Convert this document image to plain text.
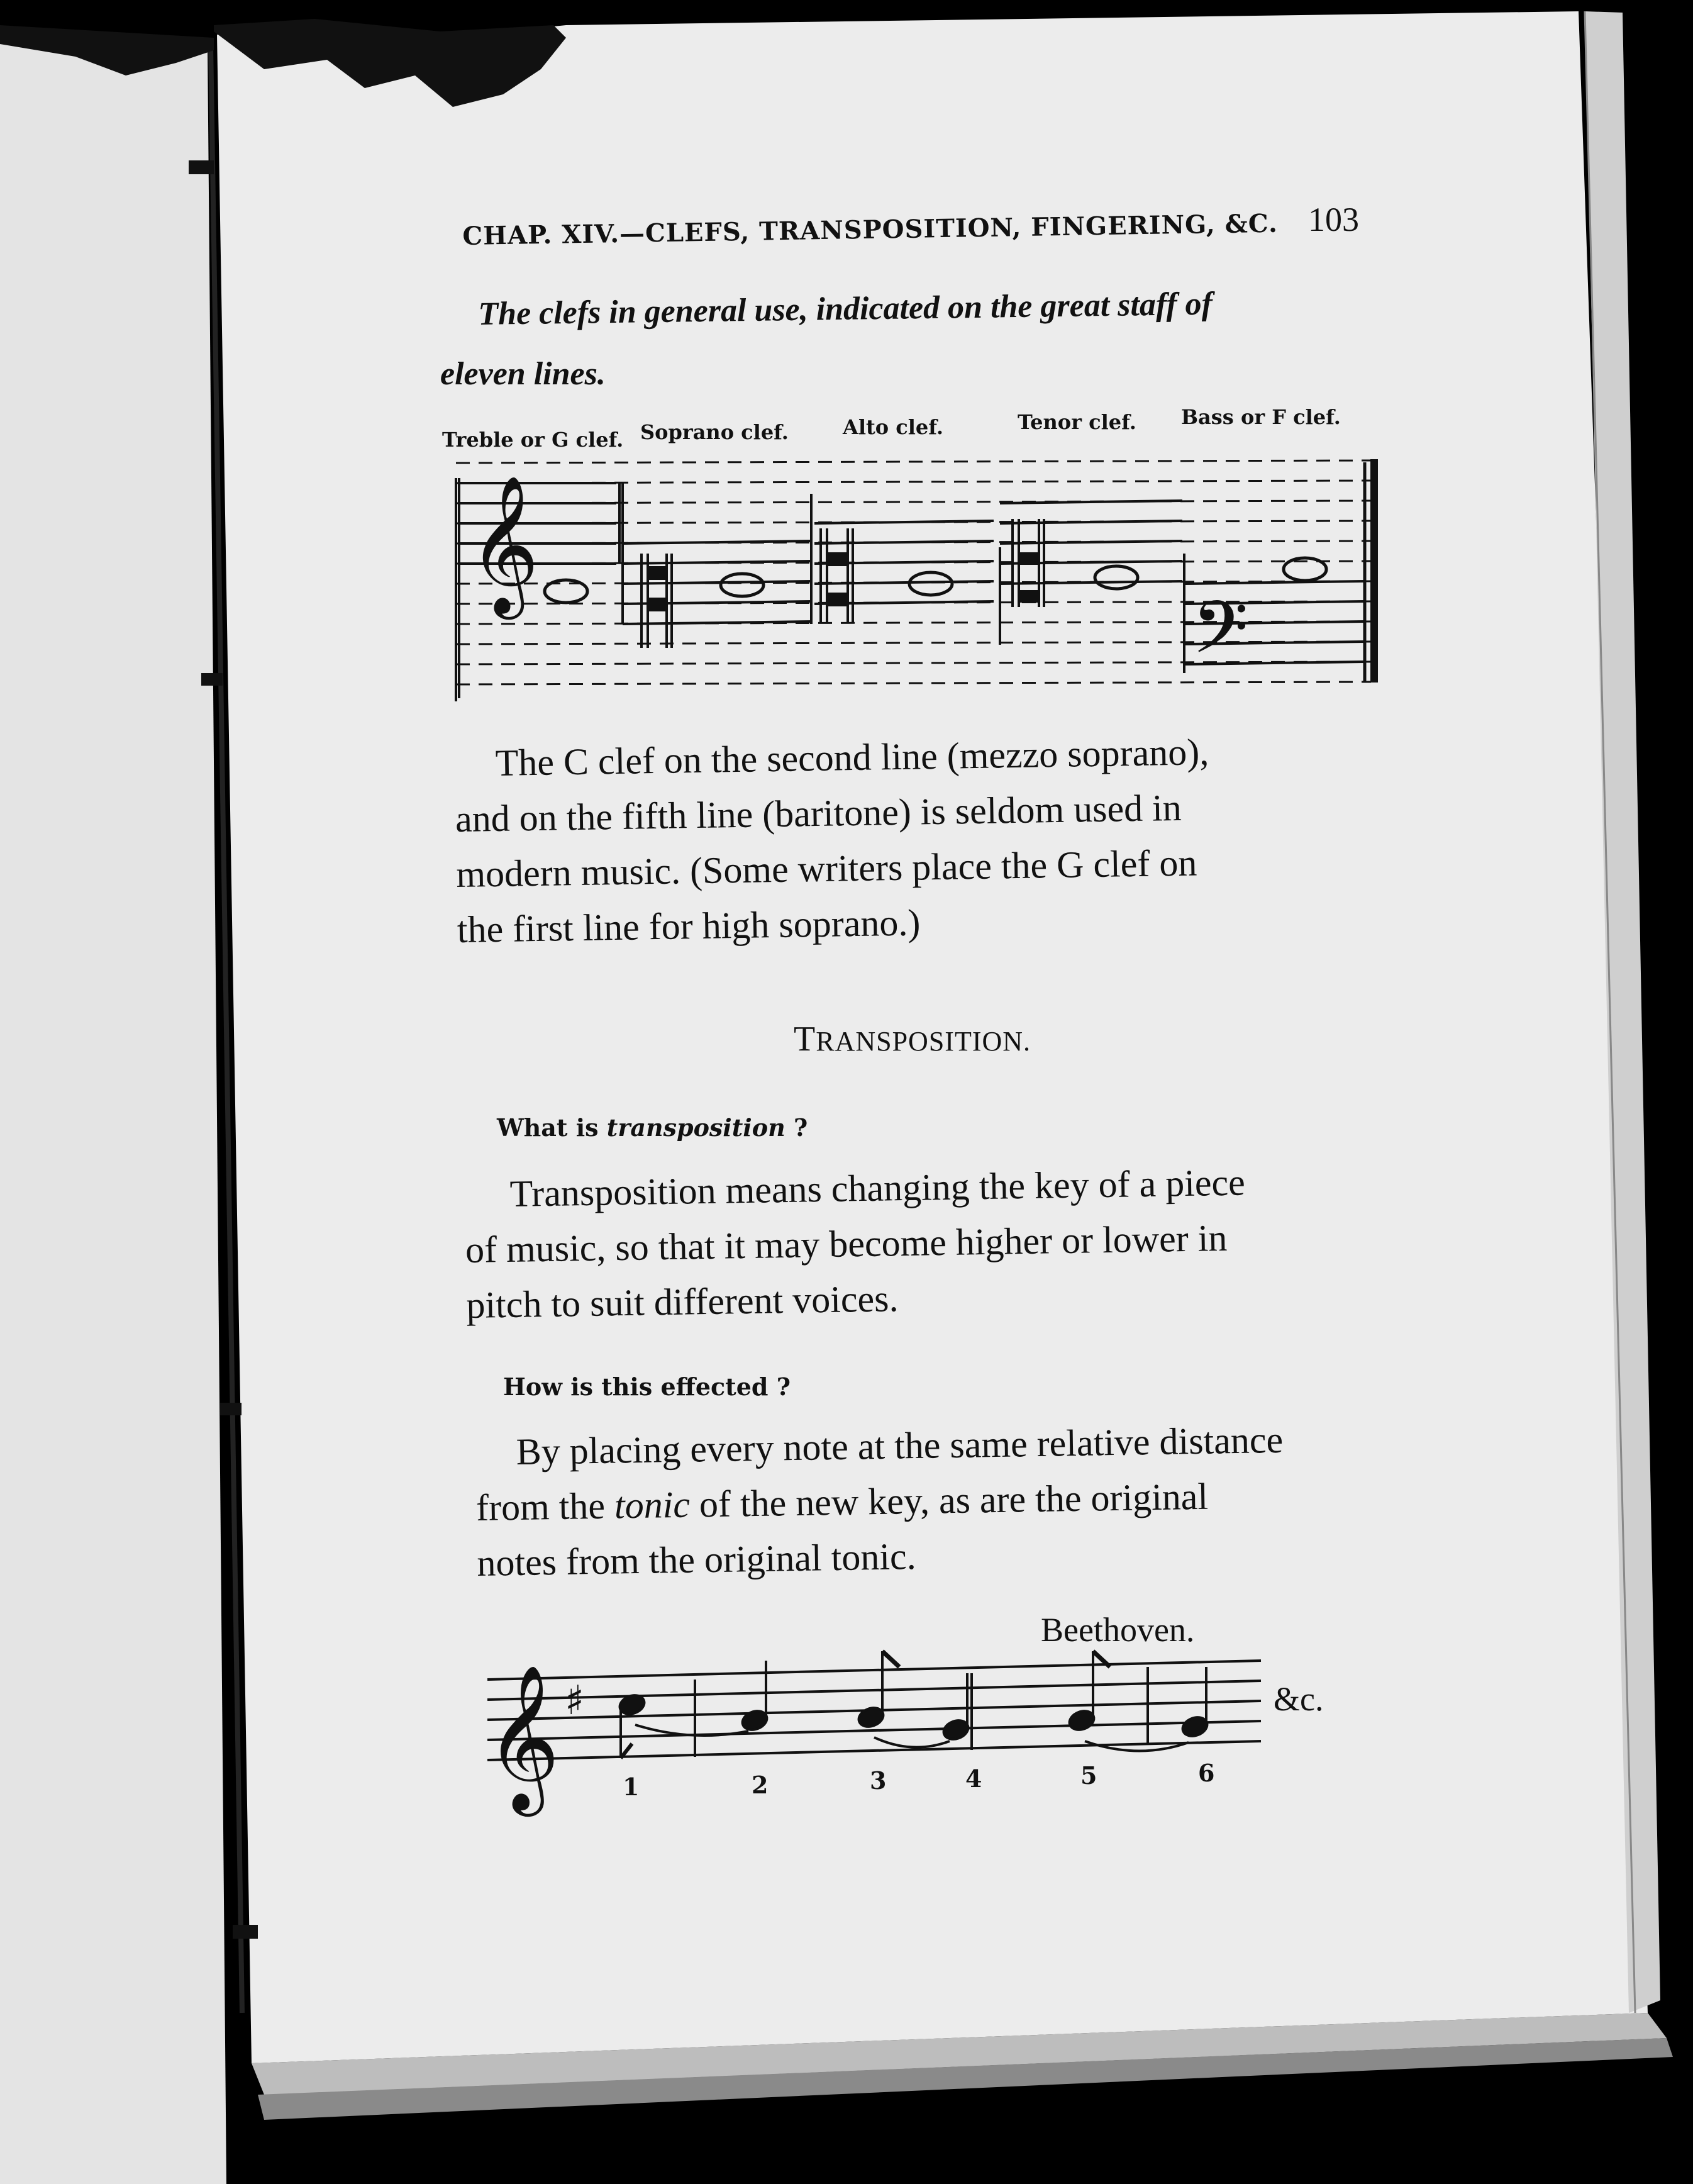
𝄞
𝄢
𝄞 ♯
CHAP. XIV.—CLEFS, TRANSPOSITION, FINGERING, &C. 103
The clefs in general use, indicated on the great staff of
eleven lines.
Treble or G clef. Soprano clef.	Alto clef.	Tenor clef. Bass or F clef.
The C clef on the second line (mezzo soprano),
and on the fifth line (baritone) is seldom used in
modern music. (Some writers place the G clef on
the first line for high soprano.)
TRANSPOSITION.
What is transposition ?
Transposition means changing the key of a piece
of music, so that it may become higher or lower in
pitch to suit different voices.
How is this effected ?
By placing every note at the same relative distance
from the tonic of the new key, as are the original
notes from the original tonic.
Beethoven.
1	2	3	4	5	6
&c.
